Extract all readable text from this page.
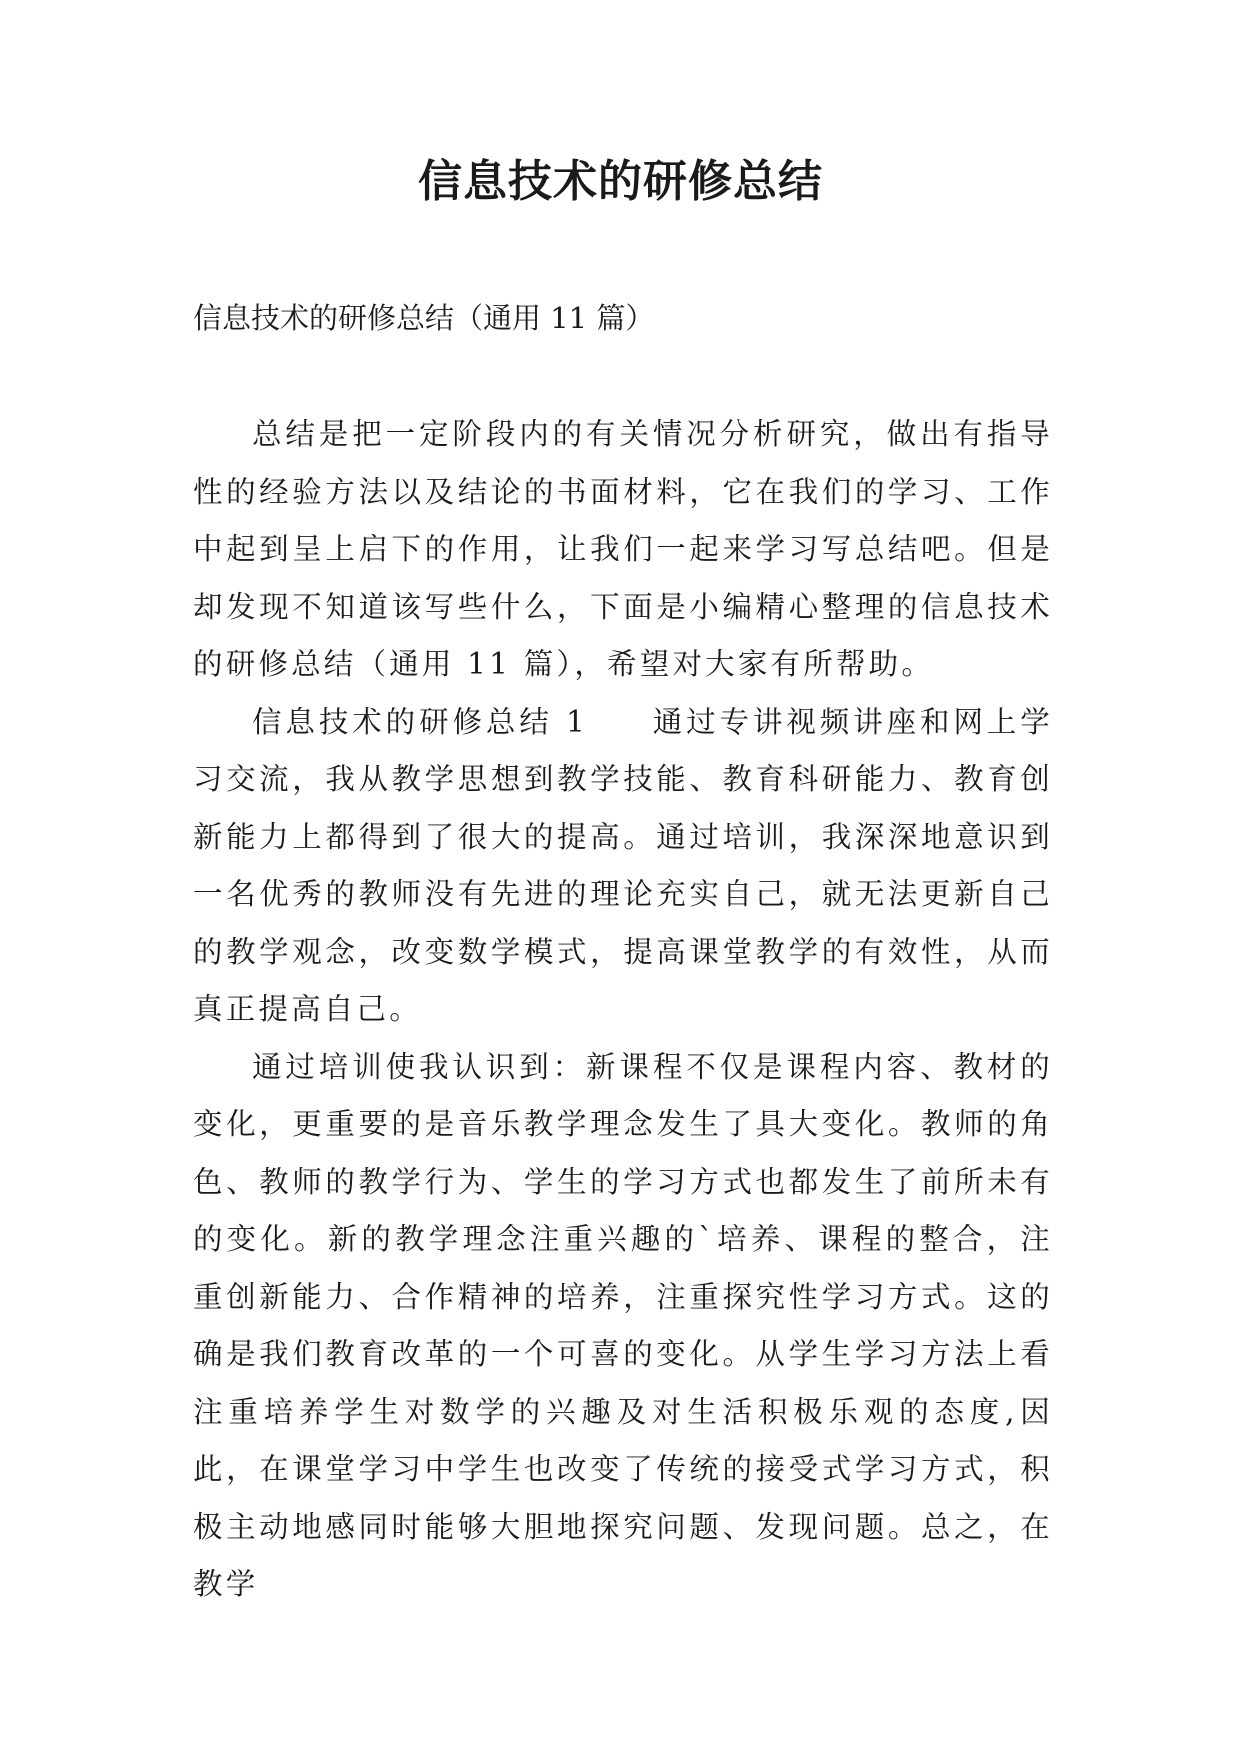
信息技术的研修总结

信息技术的研修总结（通用 11 篇）

总结是把一定阶段内的有关情况分析研究，做出有指导性的经验方法以及结论的书面材料，它在我们的学习、工作中起到呈上启下的作用，让我们一起来学习写总结吧。但是却发现不知道该写些什么，下面是小编精心整理的信息技术的研修总结（通用 11 篇），希望对大家有所帮助。

信息技术的研修总结 1 通过专讲视频讲座和网上学习交流，我从教学思想到教学技能、教育科研能力、教育创新能力上都得到了很大的提高。通过培训，我深深地意识到一名优秀的教师没有先进的理论充实自己，就无法更新自己的教学观念，改变数学模式，提高课堂教学的有效性，从而真正提高自己。

通过培训使我认识到：新课程不仅是课程内容、教材的变化，更重要的是音乐教学理念发生了具大变化。教师的角色、教师的教学行为、学生的学习方式也都发生了前所未有的变化。新的教学理念注重兴趣的`培养、课程的整合，注重创新能力、合作精神的培养，注重探究性学习方式。这的确是我们教育改革的一个可喜的变化。从学生学习方法上看注重培养学生对数学的兴趣及对生活积极乐观的态度,因此，在课堂学习中学生也改变了传统的接受式学习方式，积极主动地感同时能够大胆地探究问题、发现问题。总之，在教学
